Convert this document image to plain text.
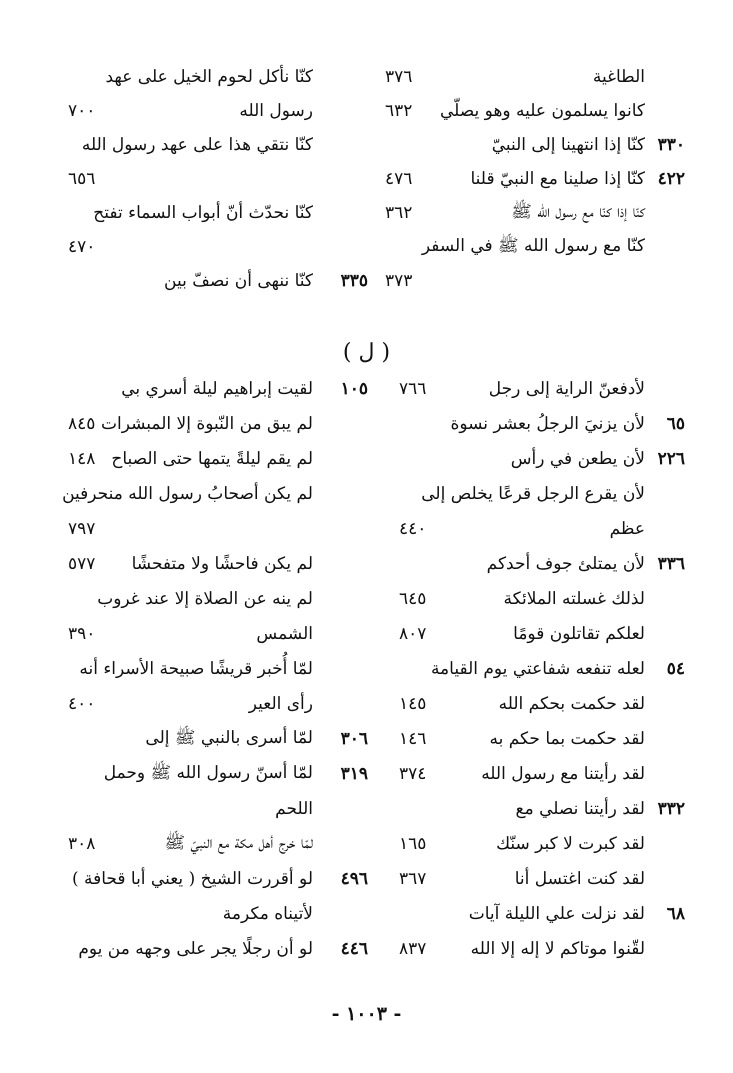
الطاغية
٣٧٦
كانوا يسلمون عليه وهو يصلّي
٦٣٢
٣٣٠
كنّا إذا انتهينا إلى النبيّ
٤٢٢
كنّا إذا صلينا مع النبيّ قلنا
٤٧٦
كنّا إذا كنّا مع رسول الله ﷺ
٣٦٢
كنّا مع رسول الله ﷺ في السفر
٣٧٣
كنّا نأكل لحوم الخيل على عهد
رسول الله
٧٠٠
كنّا نتقي هذا على عهد رسول الله
٦٥٦
كنّا نحدّث أنّ أبواب السماء تفتح
٤٧٠
٣٣٥
كنّا ننهى أن نصفّ بين
( ل )
لأدفعنّ الراية إلى رجل
٧٦٦
٦٥
لأن يزنيَ الرجلُ بعشر نسوة
٢٢٦
لأن يطعن في رأس
لأن يقرع الرجل قرعًا يخلص إلى
عظم
٤٤٠
٣٣٦
لأن يمتلئ جوف أحدكم
لذلك غسلته الملائكة
٦٤٥
لعلكم تقاتلون قومًا
٨٠٧
٥٤
لعله تنفعه شفاعتي يوم القيامة
لقد حكمت بحكم الله
١٤٥
لقد حكمت بما حكم به
١٤٦
لقد رأيتنا مع رسول الله
٣٧٤
٣٣٢
لقد رأيتنا نصلي مع
لقد كبرت لا كبر سنّك
١٦٥
لقد كنت اغتسل أنا
٣٦٧
٦٨
لقد نزلت علي الليلة آيات
لقّنوا موتاكم لا إله إلا الله
٨٣٧
١٠٥
لقيت إبراهيم ليلة أسري بي
لم يبق من النّبوة إلا المبشرات
٨٤٥
لم يقم ليلةً يتمها حتى الصباح
١٤٨
لم يكن أصحابُ رسول الله منحرفين
٧٩٧
لم يكن فاحشًا ولا متفحشًا
٥٧٧
لم ينه عن الصلاة إلا عند غروب
الشمس
٣٩٠
لمّا أُخبر قريشًا صبيحة الأسراء أنه
رأى العير
٤٠٠
٣٠٦
لمّا أسرى بالنبي ﷺ إلى
٣١٩
لمّا أسنّ رسول الله ﷺ وحمل
اللحم
لمّا خرج أهل مكة مع النبيّ ﷺ
٣٠٨
٤٩٦
لو أقررت الشيخ ( يعني أبا قحافة )
لأتيناه مكرمة
٤٤٦
لو أن رجلًا يجر على وجهه من يوم
- ١٠٠٣ -
